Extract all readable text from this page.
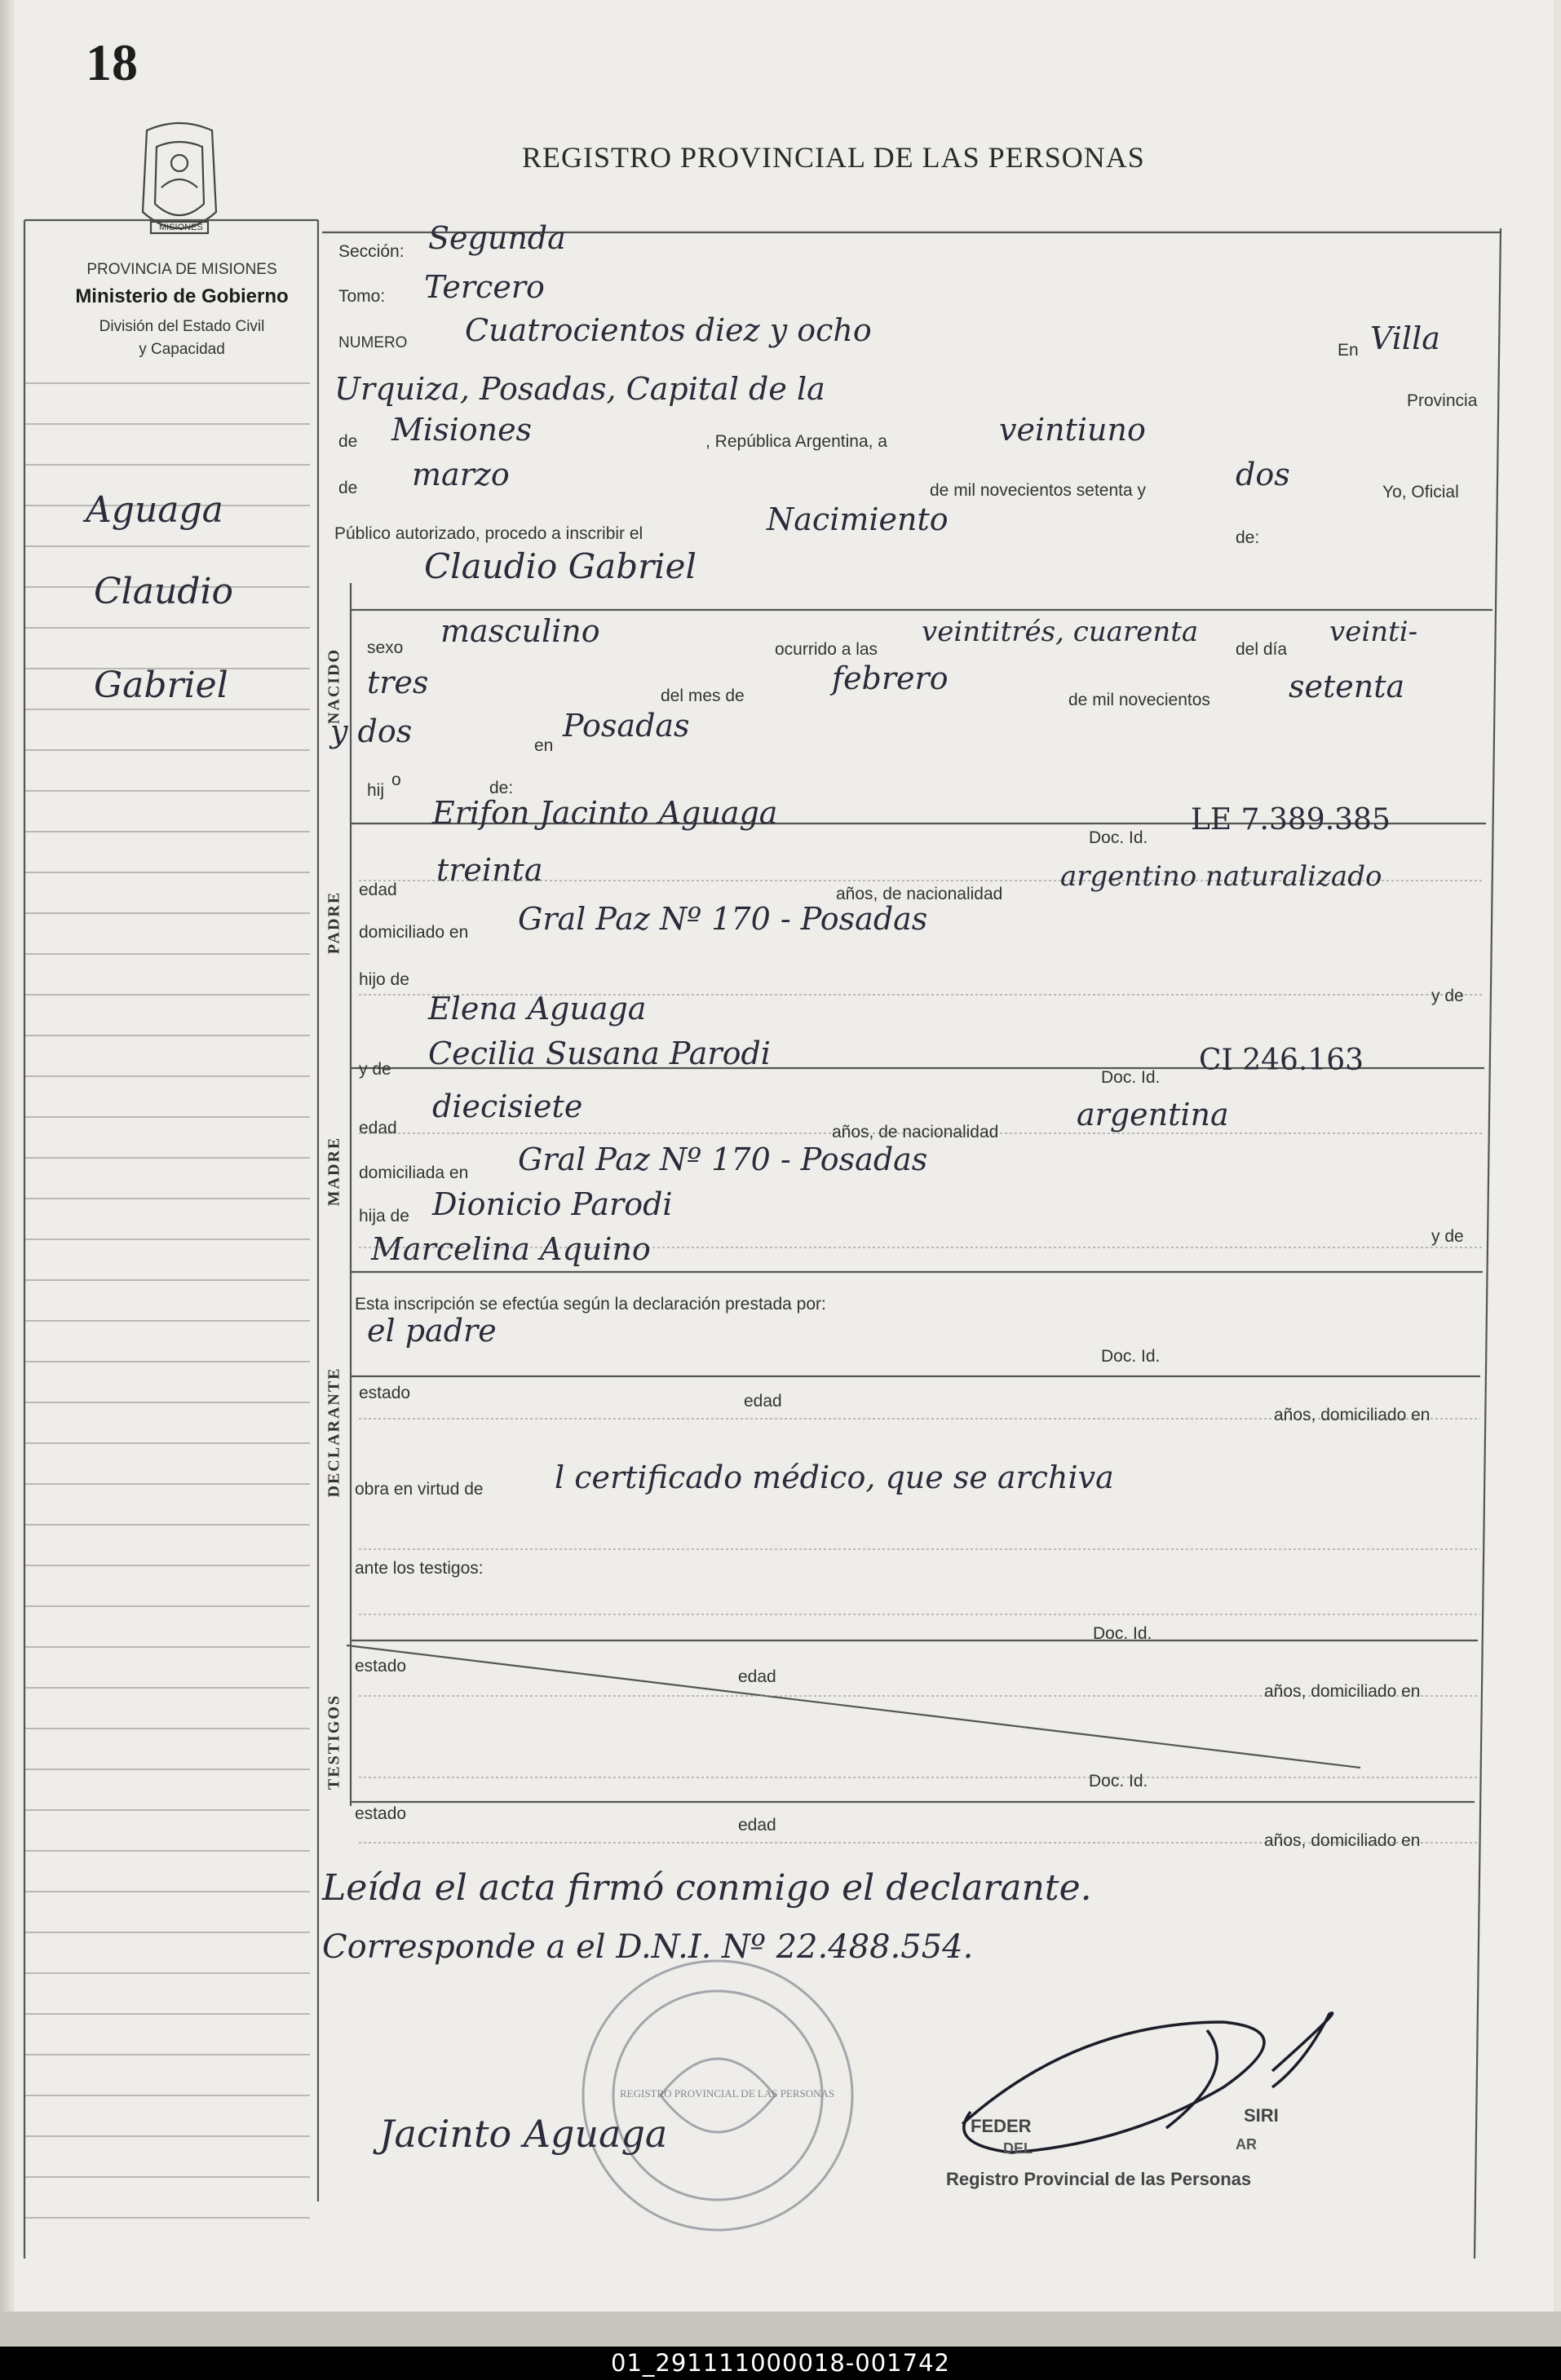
18
REGISTRO PROVINCIAL DE LAS PERSONAS
MISIONES
PROVINCIA DE MISIONES
Ministerio de Gobierno
División del Estado Civil
y Capacidad
Aguaga
Claudio
Gabriel	NACIDO
PADRE
MADRE
DECLARANTE
TESTIGOS
Sección: Segunda
Tomo: Tercero
NUMERO Cuatrocientos diez y ocho
En Villa
Urquiza, Posadas, Capital de la	Provincia
de Misiones	, República Argentina, a	veintiuno
de marzo	de mil novecientos setenta y	dos	Yo, Oficial
Público autorizado, procedo a inscribir el	Nacimiento
de:
Claudio Gabriel
sexo masculino
ocurrido a las
veintitrés, cuarenta
del día
veinti-
tres	del mes de	febrero
de mil novecientos	setenta
y dos	en
Posadas
hij
o	de:
Erifon Jacinto Aguaga
Doc. Id.
LE 7.389.385
edad
treinta
años, de nacionalidad
argentino naturalizado
domiciliado en Gral Paz Nº 170 - Posadas
hijo de
Elena Aguaga	y de
y de Cecilia Susana Parodi
Doc. Id.
CI 246.163
edad
diecisiete
años, de nacionalidad	argentina
domiciliada en Gral Paz Nº 170 - Posadas
hija de Dionicio Parodi
Marcelina Aquino	y de
Esta inscripción se efectúa según la declaración prestada por:
el padre
Doc. Id.
estado	edad
años, domiciliado en
obra en virtud de l certificado médico, que se archiva
ante los testigos:
Doc. Id.
estado
edad
años, domiciliado en
Doc. Id.
estado
edad
años, domiciliado en
Leída el acta firmó conmigo el declarante.
Corresponde a el D.N.I. Nº 22.488.554.
Jacinto Aguaga
REGISTRO PROVINCIAL DE LAS PERSONAS
FEDER
SIRI
DEL	AR
Registro Provincial de las Personas
01_291111000018-001742
